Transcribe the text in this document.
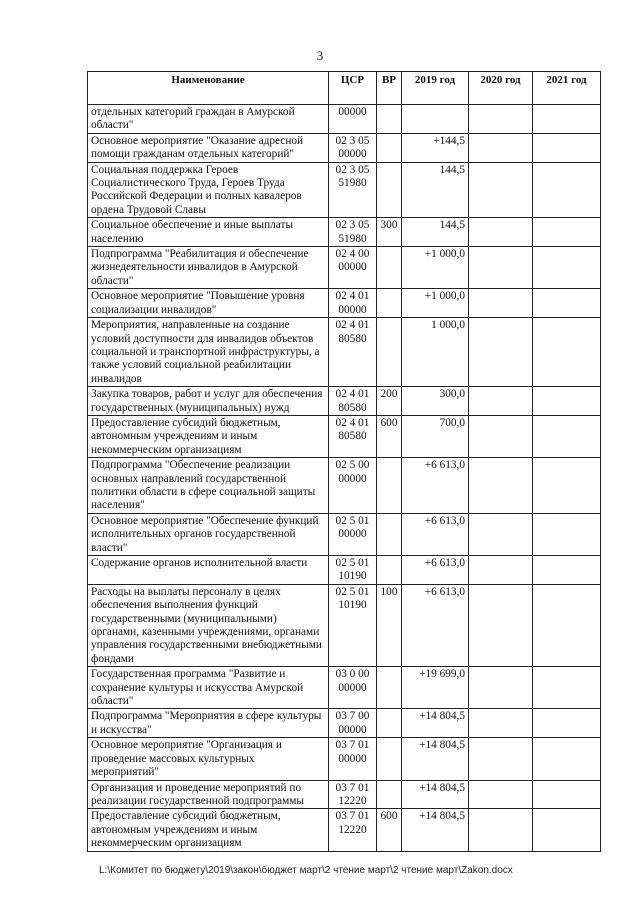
3
Наименование	ЦСР	ВР	2019 год	2020 год	2021 год
отдельных категорий граждан в Амурской области"	00000				
Основное мероприятие "Оказание адресной помощи гражданам отдельных категорий"	02 3 05 00000		+144,5		
Социальная поддержка Героев Социалистического Труда, Героев Труда Российской Федерации и полных кавалеров ордена Трудовой Славы	02 3 05 51980		144,5		
Социальное обеспечение и иные выплаты населению	02 3 05 51980	300	144,5		
Подпрограмма "Реабилитация и обеспечение жизнедеятельности инвалидов в Амурской области"	02 4 00 00000		+1 000,0		
Основное мероприятие "Повышение уровня социализации инвалидов"	02 4 01 00000		+1 000,0		
Мероприятия, направленные на создание условий доступности для инвалидов объектов социальной и транспортной инфраструктуры, а также условий социальной реабилитации инвалидов	02 4 01 80580		1 000,0		
Закупка товаров, работ и услуг для обеспечения государственных (муниципальных) нужд	02 4 01 80580	200	300,0		
Предоставление субсидий бюджетным, автономным учреждениям и иным некоммерческим организациям	02 4 01 80580	600	700,0		
Подпрограмма "Обеспечение реализации основных направлений государственной политики области в сфере социальной защиты населения"	02 5 00 00000		+6 613,0		
Основное мероприятие "Обеспечение функций исполнительных органов государственной власти"	02 5 01 00000		+6 613,0		
Содержание органов исполнительной власти	02 5 01 10190		+6 613,0		
Расходы на выплаты персоналу в целях обеспечения выполнения функций государственными (муниципальными) органами, казенными учреждениями, органами управления государственными внебюджетными фондами	02 5 01 10190	100	+6 613,0		
Государственная программа "Развитие и сохранение культуры и искусства Амурской области"	03 0 00 00000		+19 699,0		
Подпрограмма "Мероприятия в сфере культуры и искусства"	03 7 00 00000		+14 804,5		
Основное мероприятие "Организация и проведение массовых культурных мероприятий"	03 7 01 00000		+14 804,5		
Организация и проведение мероприятий по реализации государственной подпрограммы	03 7 01 12220		+14 804,5		
Предоставление субсидий бюджетным, автономным учреждениям и иным некоммерческим организациям	03 7 01 12220	600	+14 804,5		
L:\Комитет по бюджету\2019\закон\бюджет март\2 чтение март\2 чтение март\Zakon.docx
